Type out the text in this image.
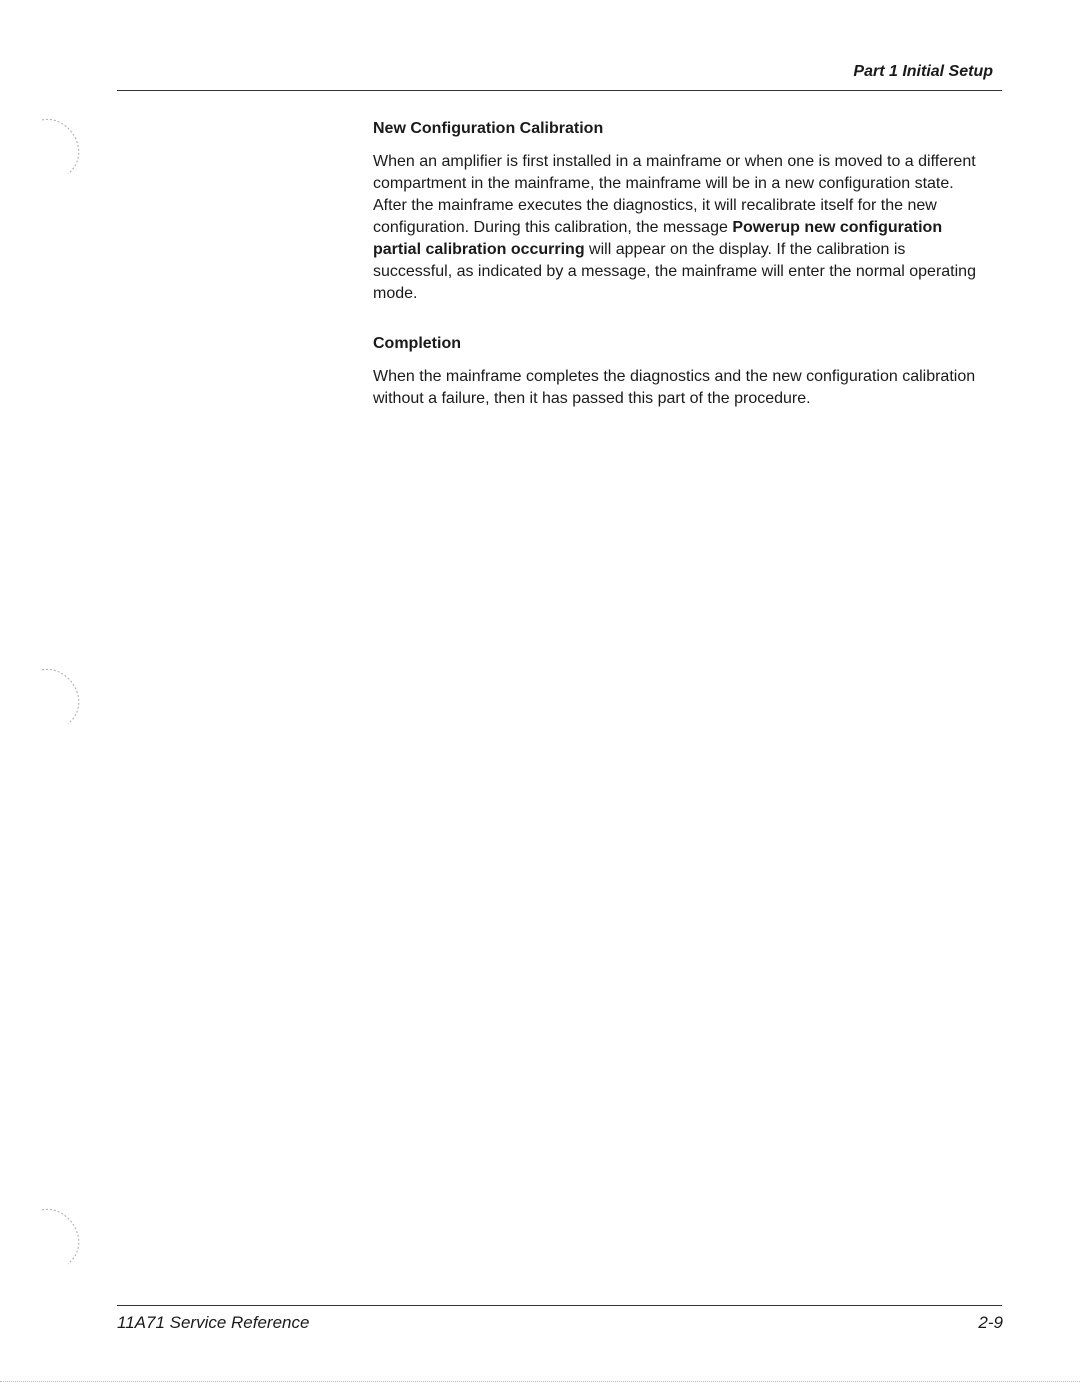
Part 1 Initial Setup

New Configuration Calibration

When an amplifier is first installed in a mainframe or when one is moved to a different compartment in the mainframe, the mainframe will be in a new configuration state. After the mainframe executes the diagnostics, it will recalibrate itself for the new configuration. During this calibration, the message Powerup new configuration partial calibration occurring will appear on the display. If the calibration is successful, as indicated by a message, the mainframe will enter the normal operating mode.

Completion

When the mainframe completes the diagnostics and the new configuration calibration without a failure, then it has passed this part of the procedure.

11A71 Service Reference	2-9
